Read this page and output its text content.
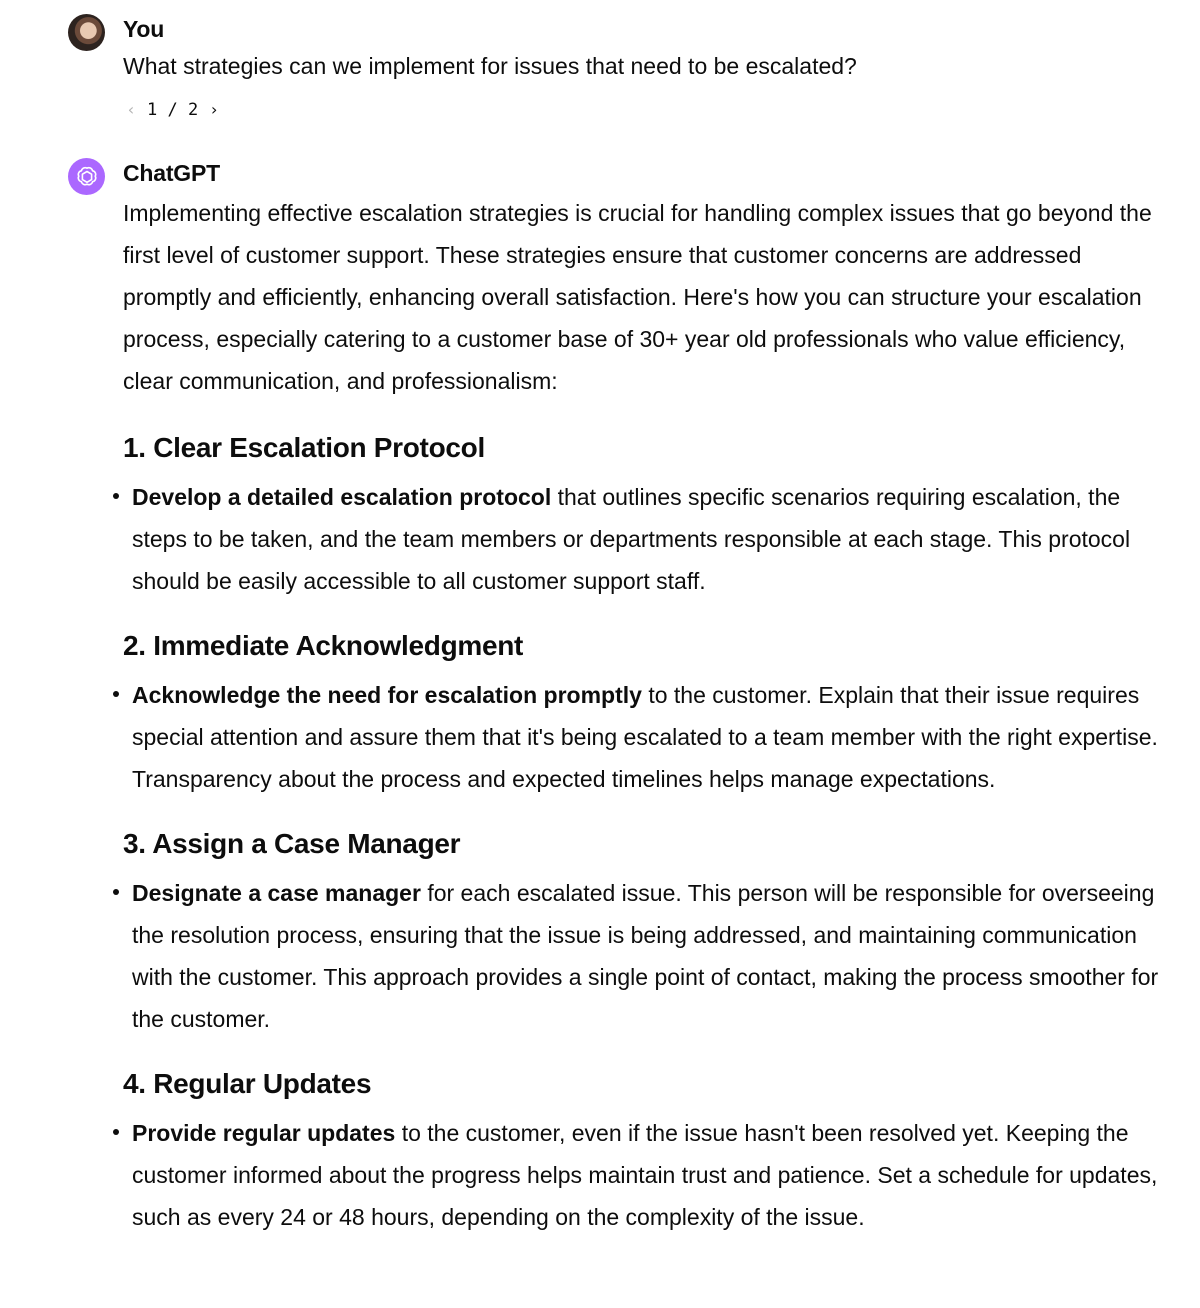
You
What strategies can we implement for issues that need to be escalated?
‹ 1 / 2 ›
ChatGPT

Implementing effective escalation strategies is crucial for handling complex issues that go beyond the first level of customer support. These strategies ensure that customer concerns are addressed promptly and efficiently, enhancing overall satisfaction. Here's how you can structure your escalation process, especially catering to a customer base of 30+ year old professionals who value efficiency, clear communication, and professionalism:

1. Clear Escalation Protocol
Develop a detailed escalation protocol that outlines specific scenarios requiring escalation, the steps to be taken, and the team members or departments responsible at each stage. This protocol should be easily accessible to all customer support staff.
2. Immediate Acknowledgment
Acknowledge the need for escalation promptly to the customer. Explain that their issue requires special attention and assure them that it's being escalated to a team member with the right expertise. Transparency about the process and expected timelines helps manage expectations.
3. Assign a Case Manager
Designate a case manager for each escalated issue. This person will be responsible for overseeing the resolution process, ensuring that the issue is being addressed, and maintaining communication with the customer. This approach provides a single point of contact, making the process smoother for the customer.
4. Regular Updates
Provide regular updates to the customer, even if the issue hasn't been resolved yet. Keeping the customer informed about the progress helps maintain trust and patience. Set a schedule for updates, such as every 24 or 48 hours, depending on the complexity of the issue.
